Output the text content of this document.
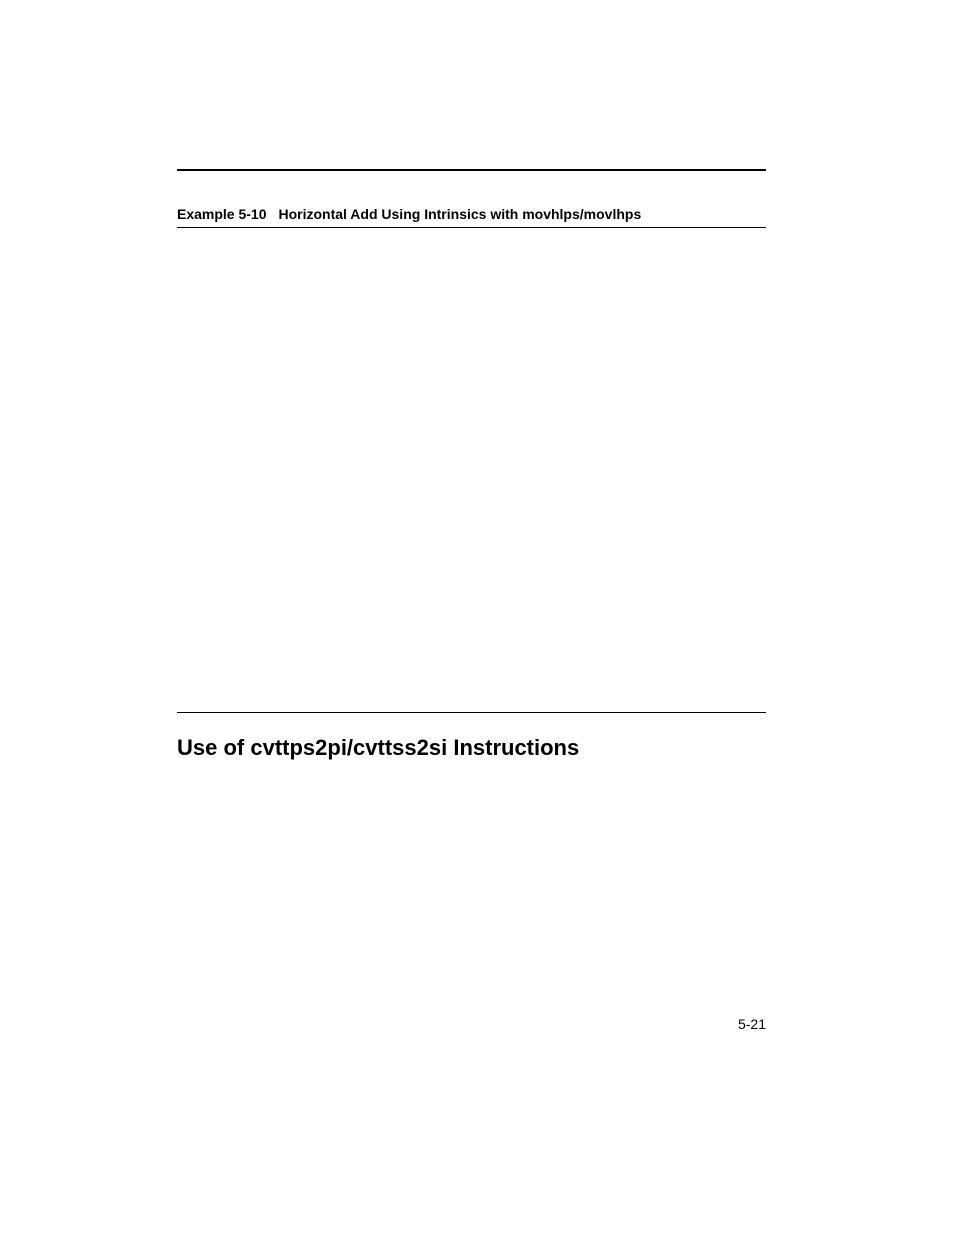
Example 5-10 Horizontal Add Using Intrinsics with movhlps/movlhps
Use of cvttps2pi/cvttss2si Instructions
5-21
